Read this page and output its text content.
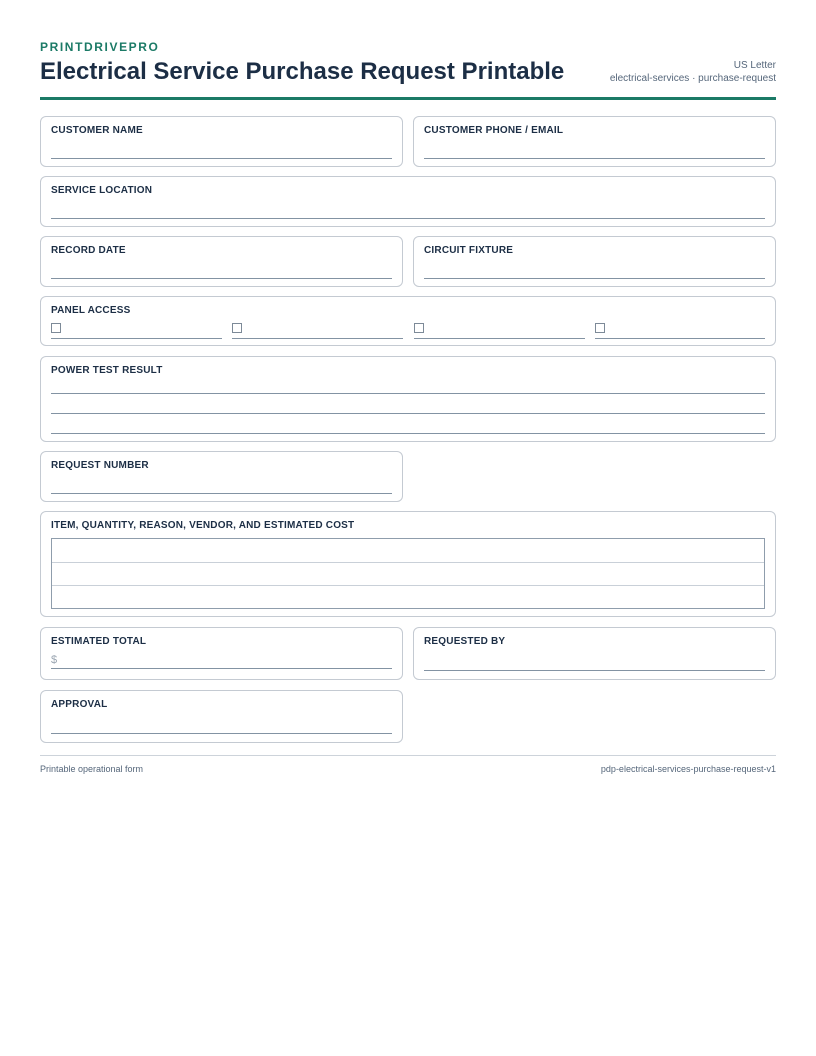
PRINTDRIVEPRO
Electrical Service Purchase Request Printable	US Letter
electrical-services · purchase-request
CUSTOMER NAME	CUSTOMER PHONE / EMAIL
SERVICE LOCATION
RECORD DATE	CIRCUIT FIXTURE
PANEL ACCESS
POWER TEST RESULT
REQUEST NUMBER
ITEM, QUANTITY, REASON, VENDOR, AND ESTIMATED COST
ESTIMATED TOTAL
$
REQUESTED BY
APPROVAL
Printable operational form	pdp-electrical-services-purchase-request-v1
